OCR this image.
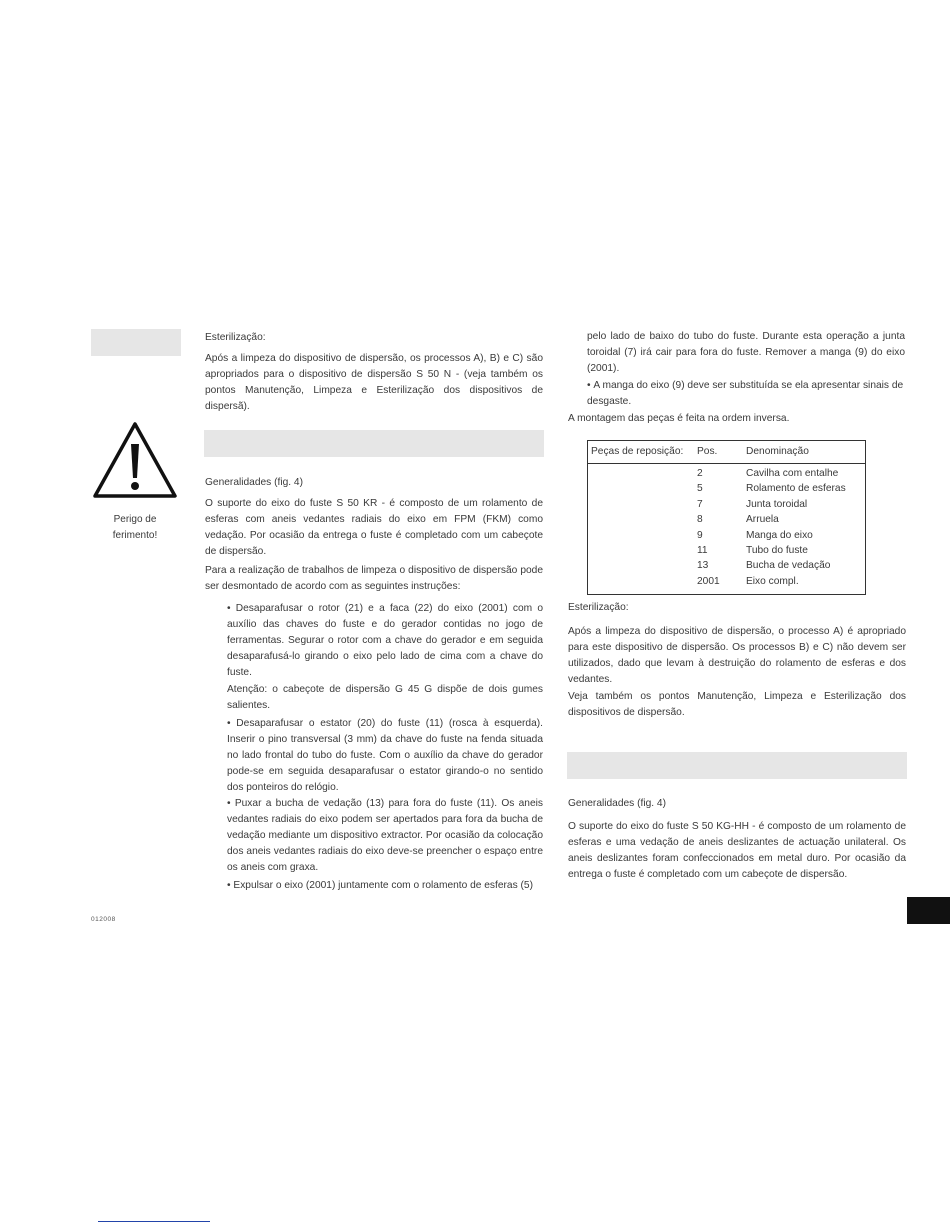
Perigo de
ferimento!

Esterilização:

Após a limpeza do dispositivo de dispersão, os processos A), B) e C) são apropriados para o dispositivo de dispersão S 50 N - (veja também os pontos Manutenção, Limpeza e Esterilização dos dispositivos de dispersã).

Generalidades (fig. 4)

O suporte do eixo do fuste S 50 KR - é composto de um rolamento de esferas com aneis vedantes radiais do eixo em FPM (FKM) como vedação. Por ocasião da entrega o fuste é completado com um cabeçote de dispersão.

Para a realização de trabalhos de limpeza o dispositivo de dispersão pode ser desmontado de acordo com as seguintes instruções:

• Desaparafusar o rotor (21) e a faca (22) do eixo (2001) com o auxílio das chaves do fuste e do gerador contidas no jogo de ferramentas. Segurar o rotor com a chave do gerador e em seguida desaparafusá-lo girando o eixo pelo lado de cima com a chave do fuste.

Atenção: o cabeçote de dispersão G 45 G dispõe de dois gumes salientes.

• Desaparafusar o estator (20) do fuste (11) (rosca à esquerda). Inserir o pino transversal (3 mm) da chave do fuste na fenda situada no lado frontal do tubo do fuste. Com o auxílio da chave do gerador pode-se em seguida desaparafusar o estator girando-o no sentido dos ponteiros do relógio.

• Puxar a bucha de vedação (13) para fora do fuste (11). Os aneis vedantes radiais do eixo podem ser apertados para fora da bucha de vedação mediante um dispositivo extractor. Por ocasião da colocação dos aneis vedantes radiais do eixo deve-se preencher o espaço entre os aneis com graxa.

• Expulsar o eixo (2001) juntamente com o rolamento de esferas (5)

012008

pelo lado de baixo do tubo do fuste. Durante esta operação a junta toroidal (7) irá cair para fora do fuste. Remover a manga (9) do eixo (2001).

• A manga do eixo (9) deve ser substituída se ela apresentar sinais de desgaste.

A montagem das peças é feita na ordem inversa.

Peças de reposição: Pos.	Denominação
2	Cavilha com entalhe
5	Rolamento de esferas
7	Junta toroidal
8	Arruela
9	Manga do eixo
11	Tubo do fuste
13	Bucha de vedação
2001	Eixo compl.

Esterilização:

Após a limpeza do dispositivo de dispersão, o processo A) é apropriado para este dispositivo de dispersão. Os processos B) e C) não devem ser utilizados, dado que levam à destruição do rolamento de esferas e dos vedantes.

Veja também os pontos Manutenção, Limpeza e Esterilização dos dispositivos de dispersão.

Generalidades (fig. 4)

O suporte do eixo do fuste S 50 KG-HH - é composto de um rolamento de esferas e uma vedação de aneis deslizantes de actuação unilateral. Os aneis deslizantes foram confeccionados em metal duro. Por ocasião da entrega o fuste é completado com um cabeçote de dispersão.
